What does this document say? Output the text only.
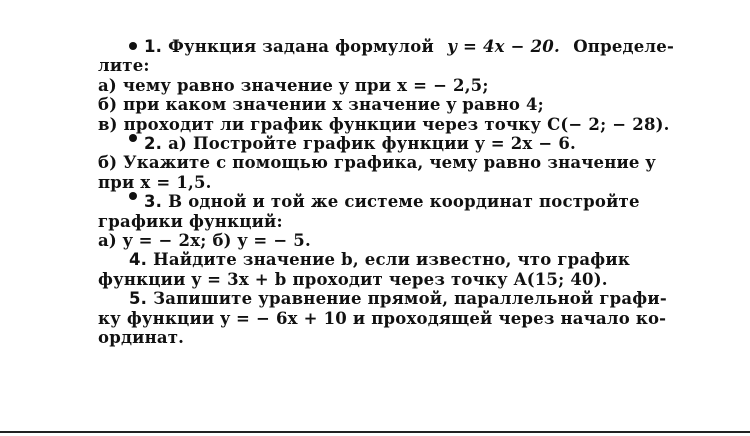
1. Функция задана формулой y = 4x − 20. Определе-
лите:
а) чему равно значение y при x = − 2,5;
б) при каком значении x значение y равно 4;
в) проходит ли график функции через точку C(− 2; − 28).
2.
а) Постройте график функции y = 2x − 6.
б) Укажите с помощью графика, чему равно значение y
при x = 1,5.
3.
В одной и той же системе координат постройте
графики функций:
а) y = − 2x; б) y = − 5.
4.
Найдите значение b, если известно, что график
функции y = 3x + b проходит через точку A(15; 40).
5.
Запишите уравнение прямой, параллельной графи-
ку функции y = − 6x + 10 и проходящей через начало ко-
ординат.
